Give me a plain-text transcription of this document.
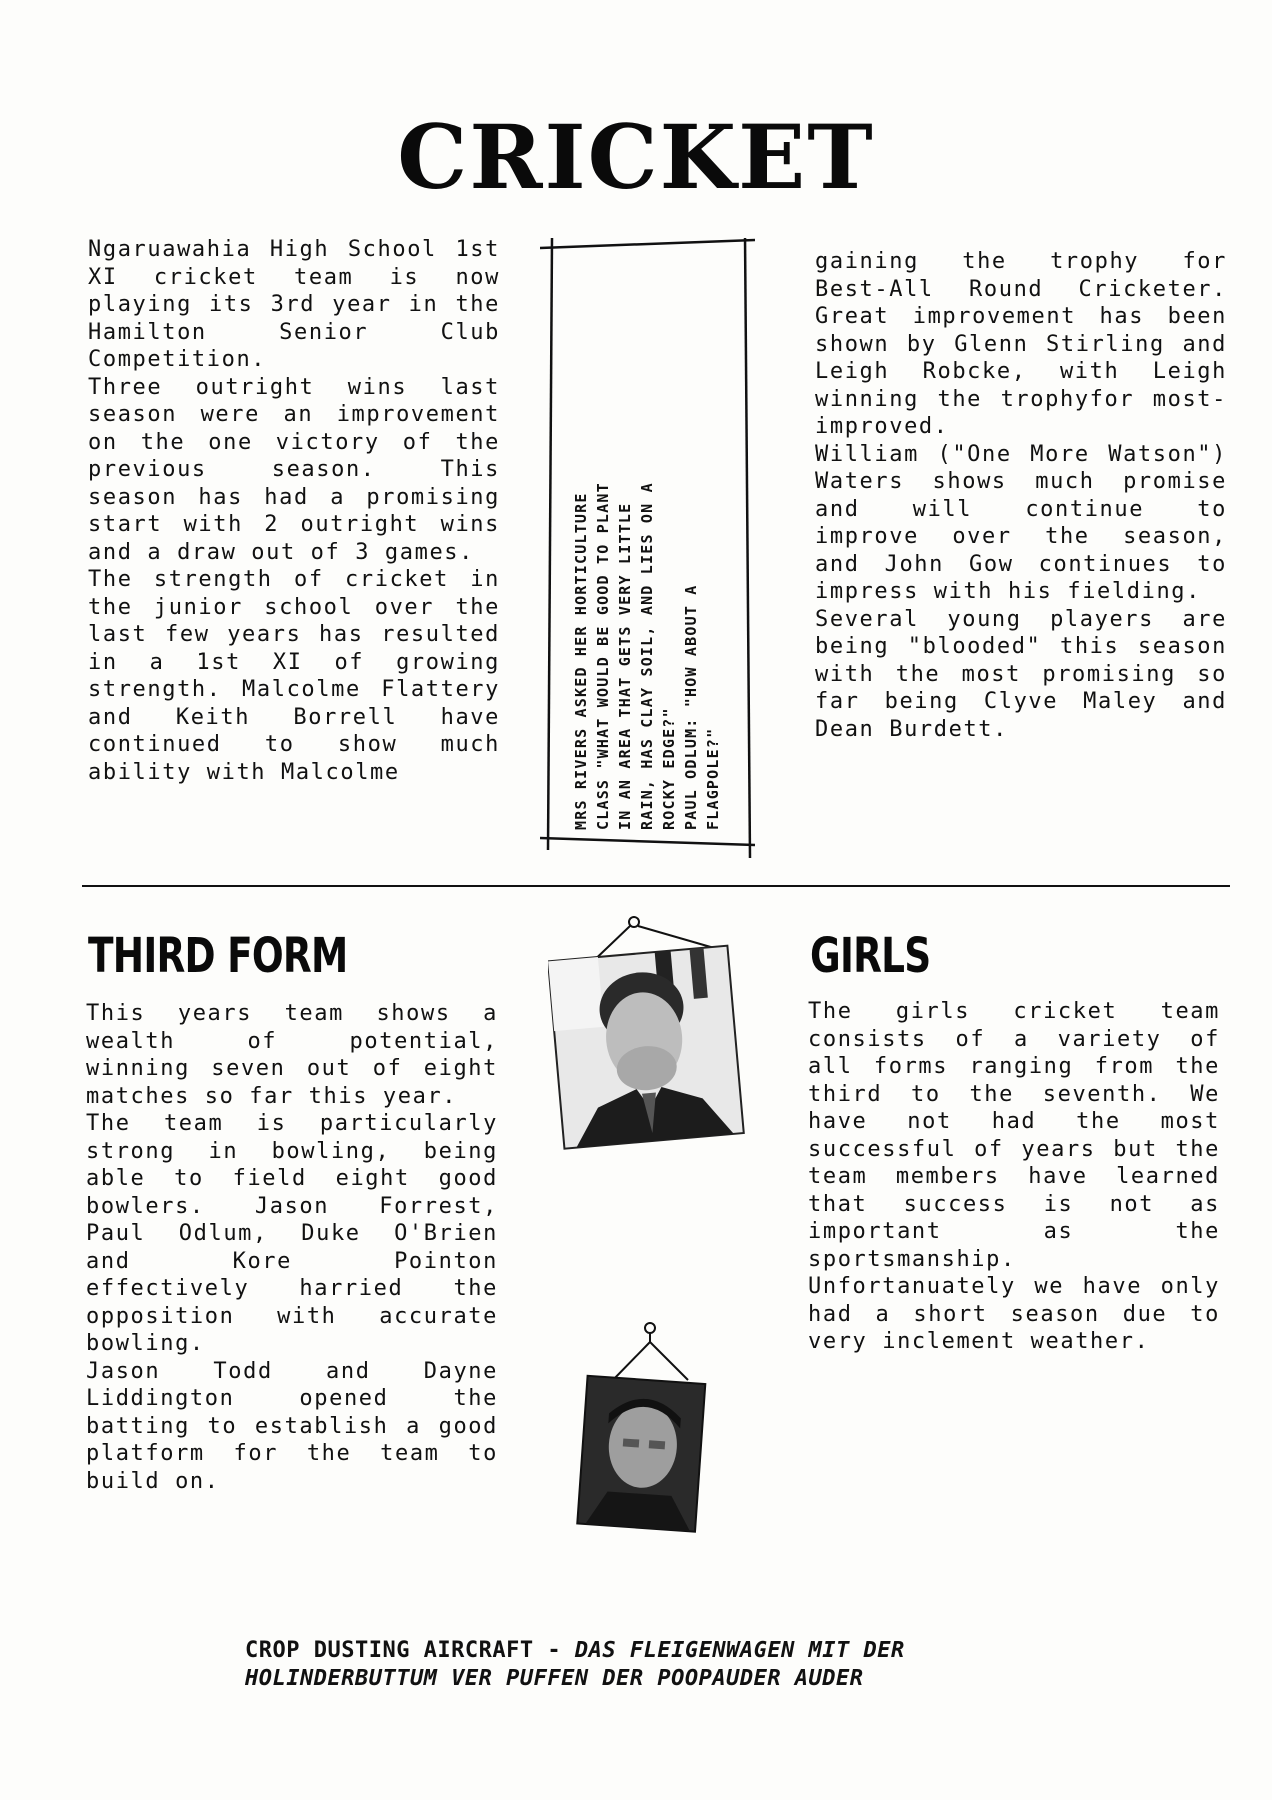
CRICKET

Ngaruawahia High School 1st XI cricket team is now playing its 3rd year in the Hamilton Senior Club Competition.

Three outright wins last season were an improvement on the one victory of the previous season. This season has had a promising start with 2 outright wins and a draw out of 3 games.

The strength of cricket in the junior school over the last few years has resulted in a 1st XI of growing strength. Malcolme Flattery and Keith Borrell have continued to show much ability with Malcolme	MRS RIVERS ASKED HER HORTICULTURE CLASS "WHAT WOULD BE GOOD TO PLANT IN AN AREA THAT GETS VERY LITTLE RAIN, HAS CLAY SOIL, AND LIES ON A ROCKY EDGE?" PAUL ODLUM: "HOW ABOUT A FLAGPOLE?"

gaining the trophy for Best-All Round Cricketer. Great improvement has been shown by Glenn Stirling and Leigh Robcke, with Leigh winning the trophyfor most-improved.

William ("One More Watson") Waters shows much promise and will continue to improve over the season, and John Gow continues to impress with his fielding.

Several young players are being "blooded" this season with the most promising so far being Clyve Maley and Dean Burdett.

THIRD FORM

This years team shows a wealth of potential, winning seven out of eight matches so far this year.

The team is particularly strong in bowling, being able to field eight good bowlers. Jason Forrest, Paul Odlum, Duke O'Brien and Kore Pointon effectively harried the opposition with accurate bowling.

Jason Todd and Dayne Liddington opened the batting to establish a good platform for the team to build on.

GIRLS

The girls cricket team consists of a variety of all forms ranging from the third to the seventh. We have not had the most successful of years but the team members have learned that success is not as important as the sportsmanship.

Unfortanuately we have only had a short season due to very inclement weather.

CROP DUSTING AIRCRAFT - DAS FLEIGENWAGEN MIT DER
HOLINDERBUTTUM VER PUFFEN DER POOPAUDER AUDER
